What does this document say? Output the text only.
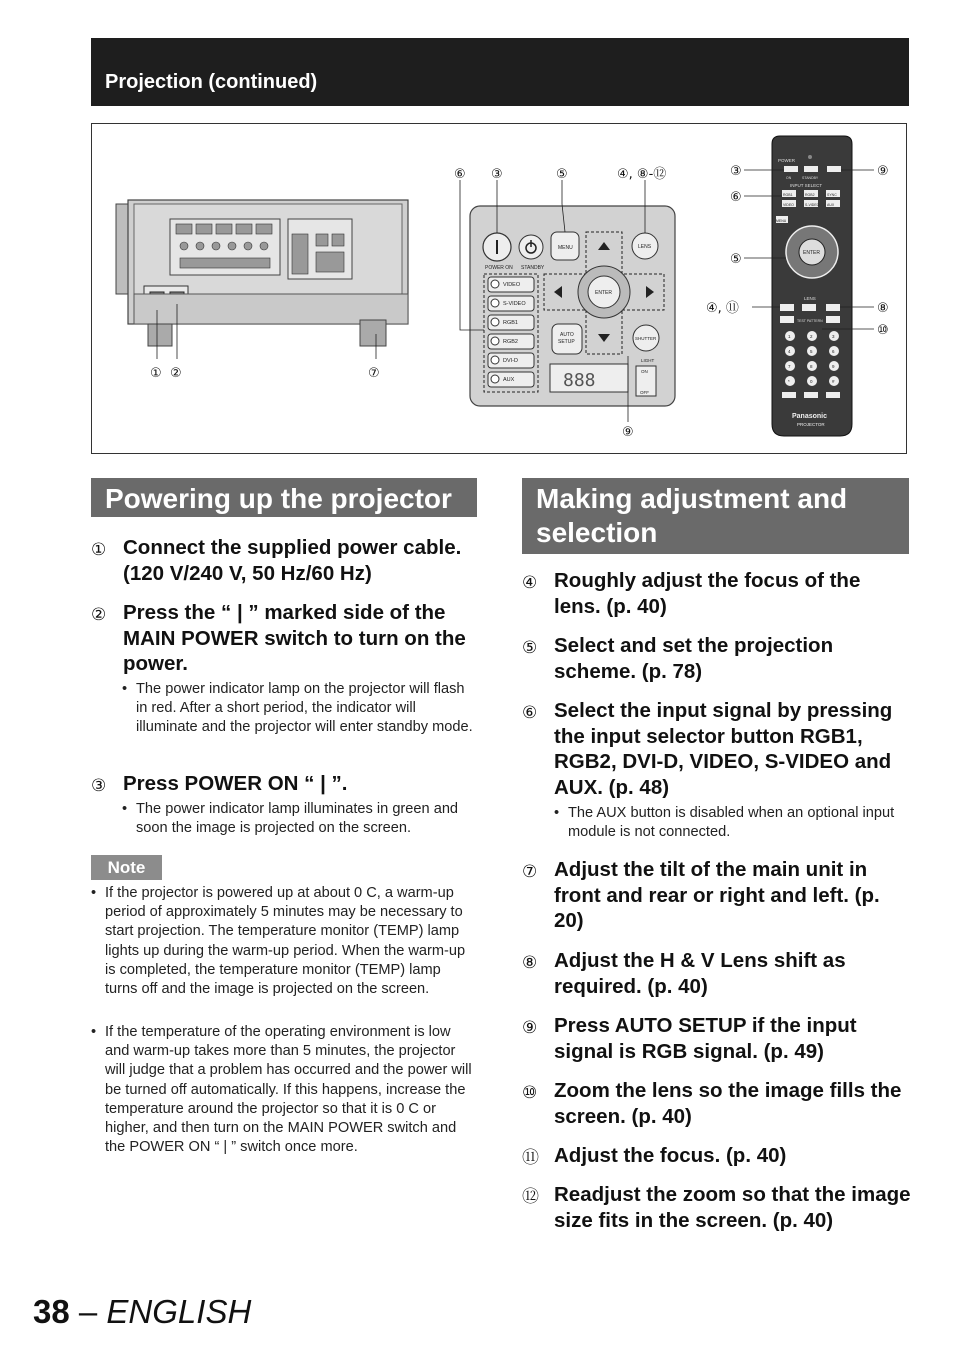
Projection (continued)
① ②	⑦
POWER ON STANDBY
MENU	LENS
VIDEO
S-VIDEO
RGB1
RGB2
DVI-D
AUX
ENTER
AUTO
SETUP
SHUTTER
888
LIGHT
ON
OFF
⑥ ③	⑤	④, ⑧-⑫
⑨
POWER
ON	STANDBY
INPUT SELECT
RGB1	RGB2	SYNC
VIDEO	S-VIDEO AUX
MENU
ENTER
LENS
TEST PATTERN
1	2	3
4	5	6
7	8	9
*	0	#
Panasonic
PROJECTOR
③
⑥
⑤
④, ⑪
⑨
⑧
⑩
Powering up the projector
① Connect the supplied power cable. (120 V/240 V, 50 Hz/60 Hz)
② Press the “ | ” marked side of the MAIN POWER switch to turn on the power.
• The power indicator lamp on the projector will flash in red. After a short period, the indicator will illuminate and the projector will enter standby mode.
③ Press POWER ON “ | ”.
• The power indicator lamp illuminates in green and soon the image is projected on the screen.
Note
• If the projector is powered up at about 0 C, a warm-up period of approximately 5 minutes may be necessary to start projection. The temperature monitor (TEMP) lamp lights up during the warm-up period. When the warm-up is completed, the temperature monitor (TEMP) lamp turns off and the image is projected on the screen.
• If the temperature of the operating environment is low and warm-up takes more than 5 minutes, the projector will judge that a problem has occurred and the power will be turned off automatically. If this happens, increase the temperature around the projector so that it is 0 C or higher, and then turn on the MAIN POWER switch and the POWER ON “ | ” switch once more.
Making adjustment and selection
④ Roughly adjust the focus of the lens. (p. 40)
⑤ Select and set the projection scheme. (p. 78)
⑥ Select the input signal by pressing the input selector button RGB1, RGB2, DVI-D, VIDEO, S-VIDEO and AUX. (p. 48)
• The AUX button is disabled when an optional input module is not connected.
⑦ Adjust the tilt of the main unit in front and rear or right and left. (p. 20)
⑧ Adjust the H & V Lens shift as required. (p. 40)
⑨ Press AUTO SETUP if the input signal is RGB signal. (p. 49)
⑩ Zoom the lens so the image fills the screen. (p. 40)
⑪ Adjust the focus. (p. 40)
⑫ Readjust the zoom so that the image size fits in the screen. (p. 40)
38 – ENGLISH
